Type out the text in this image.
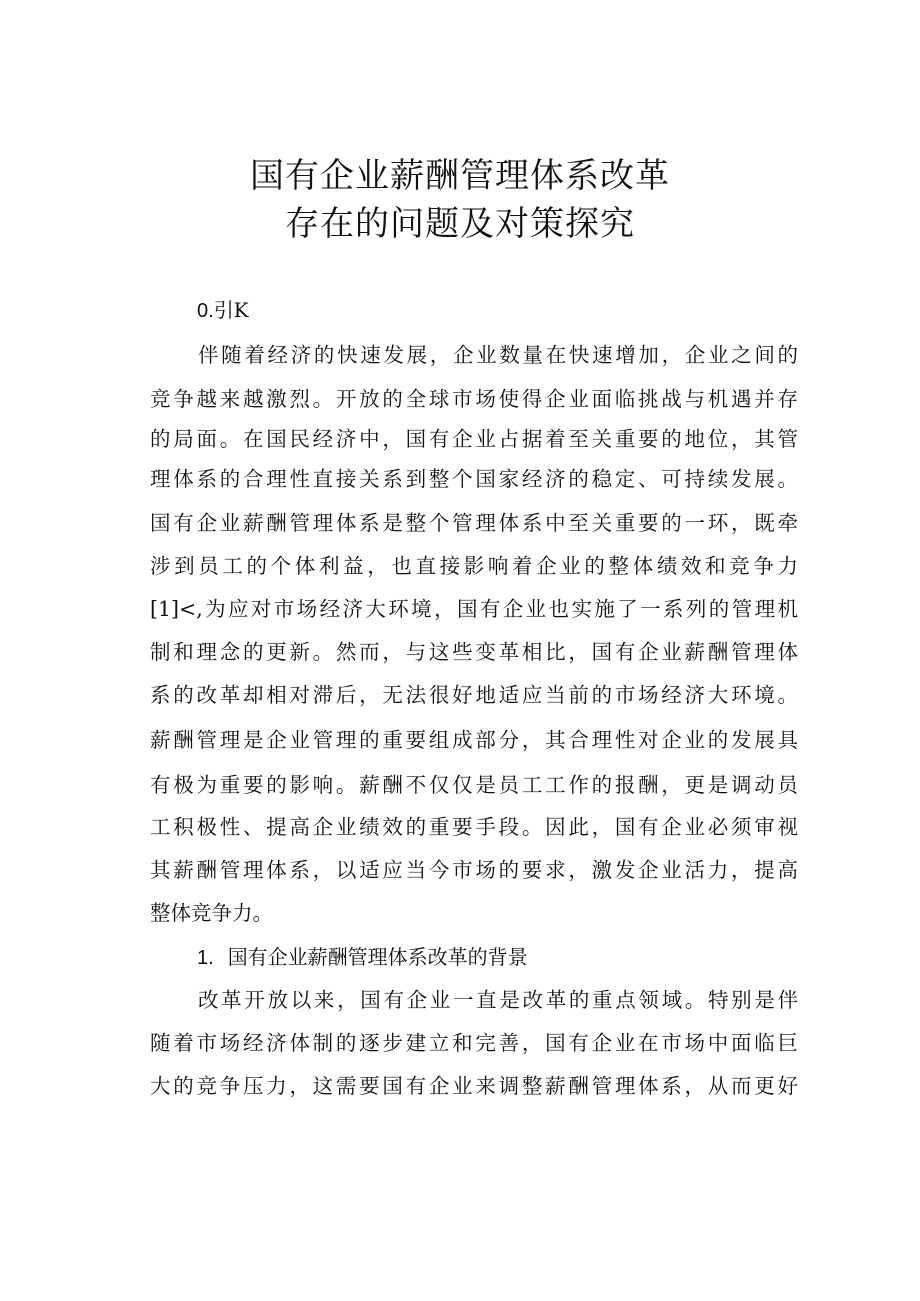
国有企业薪酬管理体系改革
存在的问题及对策探究
0.引K
伴随着经济的快速发展，企业数量在快速增加，企业之间的
竞争越来越激烈。开放的全球市场使得企业面临挑战与机遇并存
的局面。在国民经济中，国有企业占据着至关重要的地位，其管
理体系的合理性直接关系到整个国家经济的稳定、可持续发展。
国有企业薪酬管理体系是整个管理体系中至关重要的一环，既牵
涉到员工的个体利益，也直接影响着企业的整体绩效和竞争力
[1]<,为应对市场经济大环境，国有企业也实施了一系列的管理机
制和理念的更新。然而，与这些变革相比，国有企业薪酬管理体
系的改革却相对滞后，无法很好地适应当前的市场经济大环境。
薪酬管理是企业管理的重要组成部分，其合理性对企业的发展具
有极为重要的影响。薪酬不仅仅是员工工作的报酬，更是调动员
工积极性、提高企业绩效的重要手段。因此，国有企业必须审视
其薪酬管理体系，以适应当今市场的要求，激发企业活力，提高
整体竞争力。
1. 国有企业薪酬管理体系改革的背景
改革开放以来，国有企业一直是改革的重点领域。特别是伴
随着市场经济体制的逐步建立和完善，国有企业在市场中面临巨
大的竞争压力，这需要国有企业来调整薪酬管理体系，从而更好
